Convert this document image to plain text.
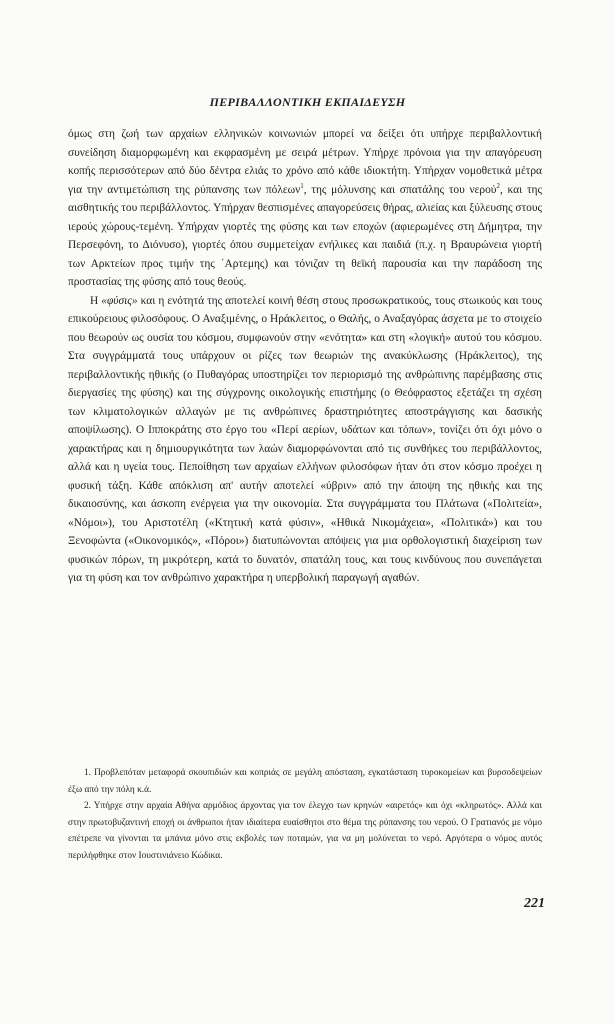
ΠΕΡΙΒΑΛΛΟΝΤΙΚΗ ΕΚΠΑΙΔΕΥΣΗ

όμως στη ζωή των αρχαίων ελληνικών κοινωνιών μπορεί να δείξει ότι υπήρχε περιβαλλοντική συνείδηση διαμορφωμένη και εκφρασμένη με σειρά μέτρων. Υπήρχε πρόνοια για την απαγόρευση κοπής περισσότερων από δύο δέντρα ελιάς το χρόνο από κάθε ιδιοκτήτη. Υπήρχαν νομοθετικά μέτρα για την αντιμετώπιση της ρύπανσης των πόλεων$^1$, της μόλυνσης και σπατάλης του νερού$^2$, και της αισθητικής του περιβάλλοντος. Υπήρχαν θεσπισμένες απαγορεύσεις θήρας, αλιείας και ξύλευσης στους ιερούς χώρους-τεμένη. Υπήρχαν γιορτές της φύσης και των εποχών (αφιερωμένες στη Δήμητρα, την Περσεφόνη, το Διόνυσο), γιορτές όπου συμμετείχαν ενήλικες και παιδιά (π.χ. η Βραυρώνεια γιορτή των Αρκτείων προς τιμήν της ΄Αρτεμης) και τόνιζαν τη θεϊκή παρουσία και την παράδοση της προστασίας της φύσης από τους θεούς.

Η «φύσις» και η ενότητά της αποτελεί κοινή θέση στους προσωκρατικούς, τους στωικούς και τους επικούρειους φιλοσόφους. Ο Αναξιμένης, ο Ηράκλειτος, ο Θαλής, ο Αναξαγόρας άσχετα με το στοιχείο που θεωρούν ως ουσία του κόσμου, συμφωνούν στην «ενότητα» και στη «λογική» αυτού του κόσμου. Στα συγγράμματά τους υπάρχουν οι ρίζες των θεωριών της ανακύκλωσης (Ηράκλειτος), της περιβαλλοντικής ηθικής (ο Πυθαγόρας υποστηρίζει τον περιορισμό της ανθρώπινης παρέμβασης στις διεργασίες της φύσης) και της σύγχρονης οικολογικής επιστήμης (ο Θεόφραστος εξετάζει τη σχέση των κλιματολογικών αλλαγών με τις ανθρώπινες δραστηριότητες αποστράγγισης και δασικής αποψίλωσης). Ο Ιπποκράτης στο έργο του «Περί αερίων, υδάτων και τόπων», τονίζει ότι όχι μόνο ο χαρακτήρας και η δημιουργικότητα των λαών διαμορφώνονται από τις συνθήκες του περιβάλλοντος, αλλά και η υγεία τους. Πεποίθηση των αρχαίων ελλήνων φιλοσόφων ήταν ότι στον κόσμο προέχει η φυσική τάξη. Κάθε απόκλιση απ' αυτήν αποτελεί «ύβριν» από την άποψη της ηθικής και της δικαιοσύνης, και άσκοπη ενέργεια για την οικονομία. Στα συγγράμματα του Πλάτωνα («Πολιτεία», «Νόμοι»), του Αριστοτέλη («Κτητική κατά φύσιν», «Ηθικά Νικομάχεια», «Πολιτικά») και του Ξενοφώντα («Οικονομικός», «Πόροι») διατυπώνονται απόψεις για μια ορθολογιστική διαχείριση των φυσικών πόρων, τη μικρότερη, κατά το δυνατόν, σπατάλη τους, και τους κινδύνους που συνεπάγεται για τη φύση και τον ανθρώπινο χαρακτήρα η υπερβολική παραγωγή αγαθών.

1. Προβλεπόταν μεταφορά σκουπιδιών και κοπριάς σε μεγάλη απόσταση, εγκατάσταση τυροκομείων και βυρσοδεψείων έξω από την πόλη κ.ά.

2. Υπήρχε στην αρχαία Αθήνα αρμόδιος άρχοντας για τον έλεγχο των κρηνών «αιρετός» και όχι «κληρωτός». Αλλά και στην πρωτοβυζαντινή εποχή οι άνθρωποι ήταν ιδιαίτερα ευαίσθητοι στο θέμα της ρύπανσης του νερού. Ο Γρατιανός με νόμο επέτρεπε να γίνονται τα μπάνια μόνο στις εκβολές των ποταμών, για να μη μολύνεται το νερό. Αργότερα ο νόμος αυτός περιλήφθηκε στον Ιουστινιάνειο Κώδικα.

221
